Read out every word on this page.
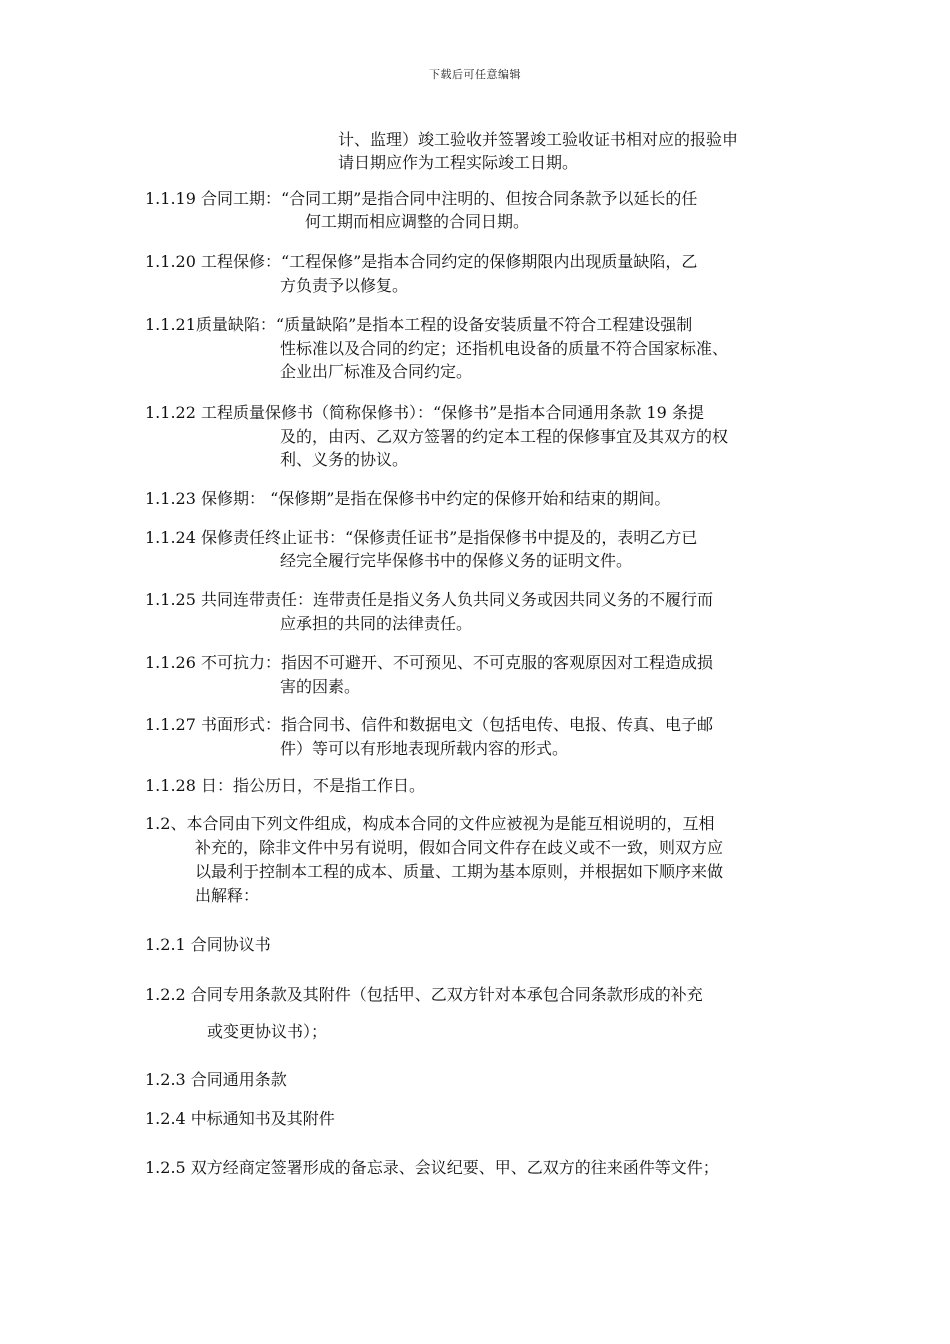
下载后可任意编辑
计、监理）竣工验收并签署竣工验收证书相对应的报验申
请日期应作为工程实际竣工日期。
1.1.19 合同工期：“合同工期”是指合同中注明的、但按合同条款予以延长的任
何工期而相应调整的合同日期。
1.1.20 工程保修：“工程保修”是指本合同约定的保修期限内出现质量缺陷，乙
方负责予以修复。
1.1.21质量缺陷：“质量缺陷”是指本工程的设备安装质量不符合工程建设强制
性标准以及合同的约定；还指机电设备的质量不符合国家标准、
企业出厂标准及合同约定。
1.1.22 工程质量保修书（简称保修书）：“保修书”是指本合同通用条款 19 条提
及的，由丙、乙双方签署的约定本工程的保修事宜及其双方的权
利、义务的协议。
1.1.23 保修期： “保修期”是指在保修书中约定的保修开始和结束的期间。
1.1.24 保修责任终止证书：“保修责任证书”是指保修书中提及的，表明乙方已
经完全履行完毕保修书中的保修义务的证明文件。
1.1.25 共同连带责任：连带责任是指义务人负共同义务或因共同义务的不履行而
应承担的共同的法律责任。
1.1.26 不可抗力：指因不可避开、不可预见、不可克服的客观原因对工程造成损
害的因素。
1.1.27 书面形式：指合同书、信件和数据电文（包括电传、电报、传真、电子邮
件）等可以有形地表现所载内容的形式。
1.1.28 日：指公历日，不是指工作日。
1.2、本合同由下列文件组成，构成本合同的文件应被视为是能互相说明的，互相
补充的，除非文件中另有说明，假如合同文件存在歧义或不一致，则双方应
以最利于控制本工程的成本、质量、工期为基本原则，并根据如下顺序来做
出解释：
1.2.1 合同协议书
1.2.2 合同专用条款及其附件（包括甲、乙双方针对本承包合同条款形成的补充
或变更协议书）；
1.2.3 合同通用条款
1.2.4 中标通知书及其附件
1.2.5 双方经商定签署形成的备忘录、会议纪要、甲、乙双方的往来函件等文件；
